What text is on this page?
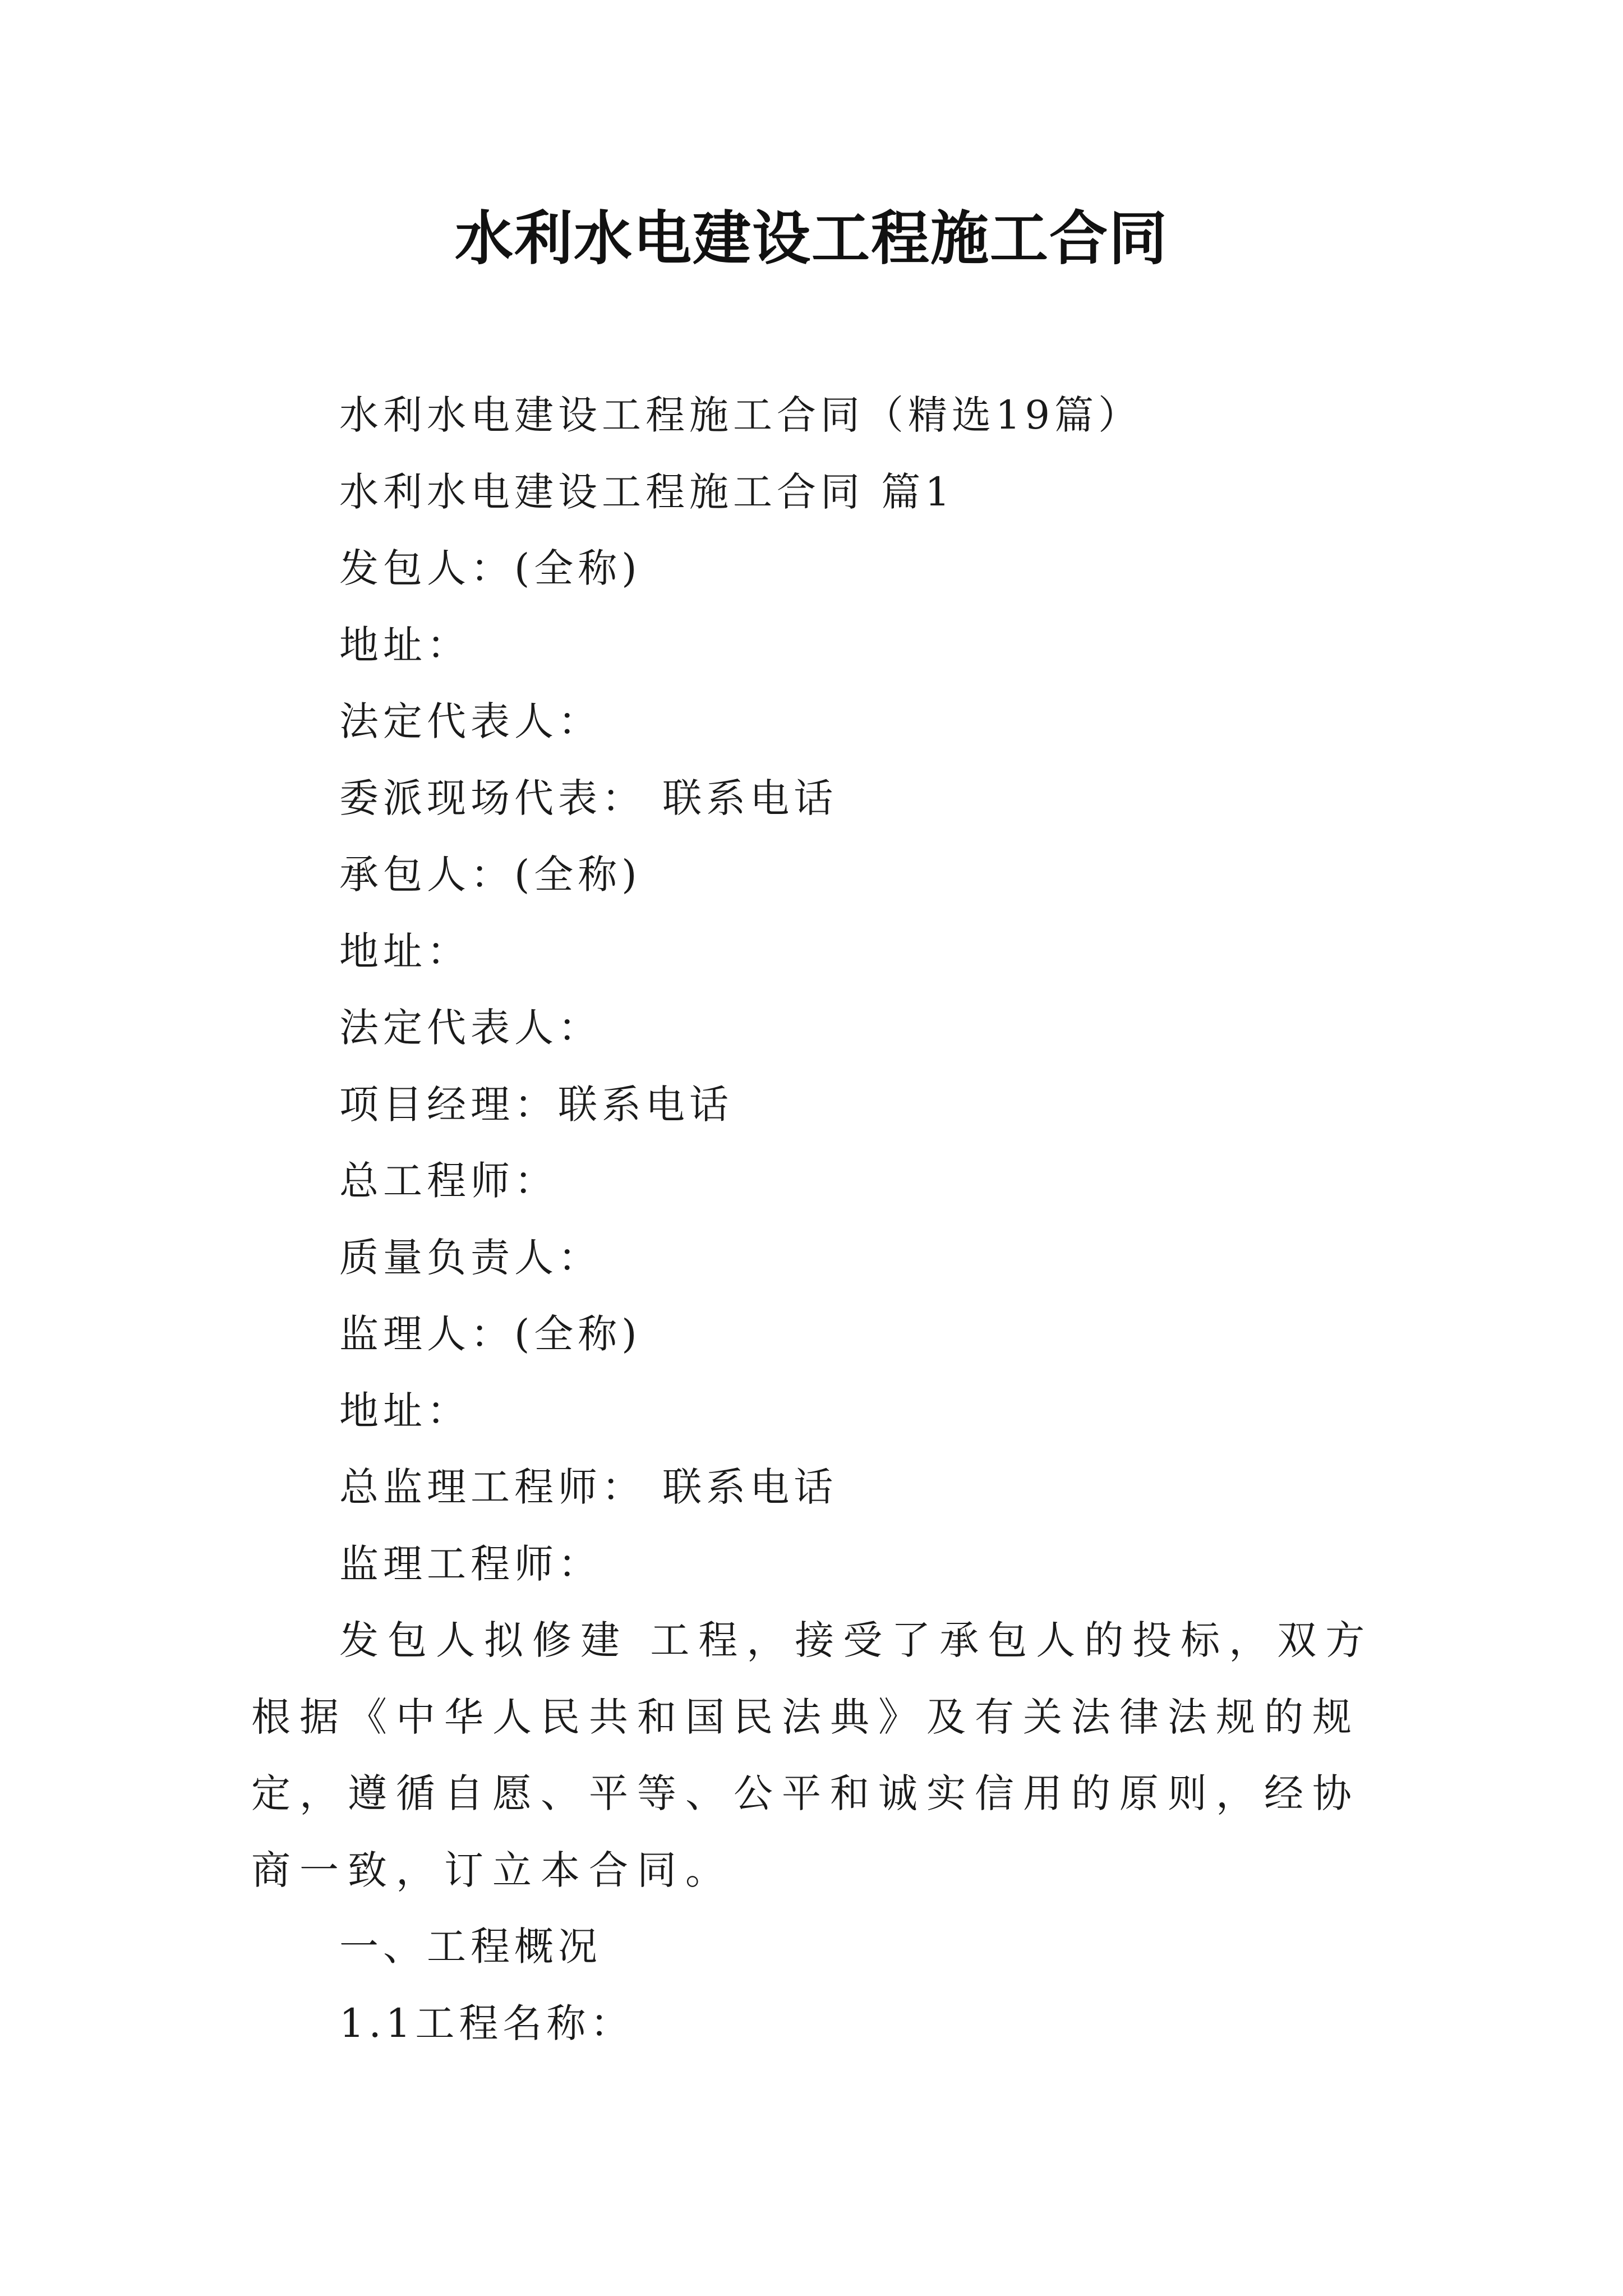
水利水电建设工程施工合同
水利水电建设工程施工合同（精选19篇）
水利水电建设工程施工合同 篇1
发包人：(全称)
地址：
法定代表人：
委派现场代表： 联系电话
承包人：(全称)
地址：
法定代表人：
项目经理：联系电话
总工程师：
质量负责人：
监理人：(全称)
地址：
总监理工程师： 联系电话
监理工程师：

发包人拟修建 工程，接受了承包人的投标，双方根据《中华人民共和国民法典》及有关法律法规的规定，遵循自愿、平等、公平和诚实信用的原则，经协商一致，订立本合同。

一、工程概况
1.1工程名称：
